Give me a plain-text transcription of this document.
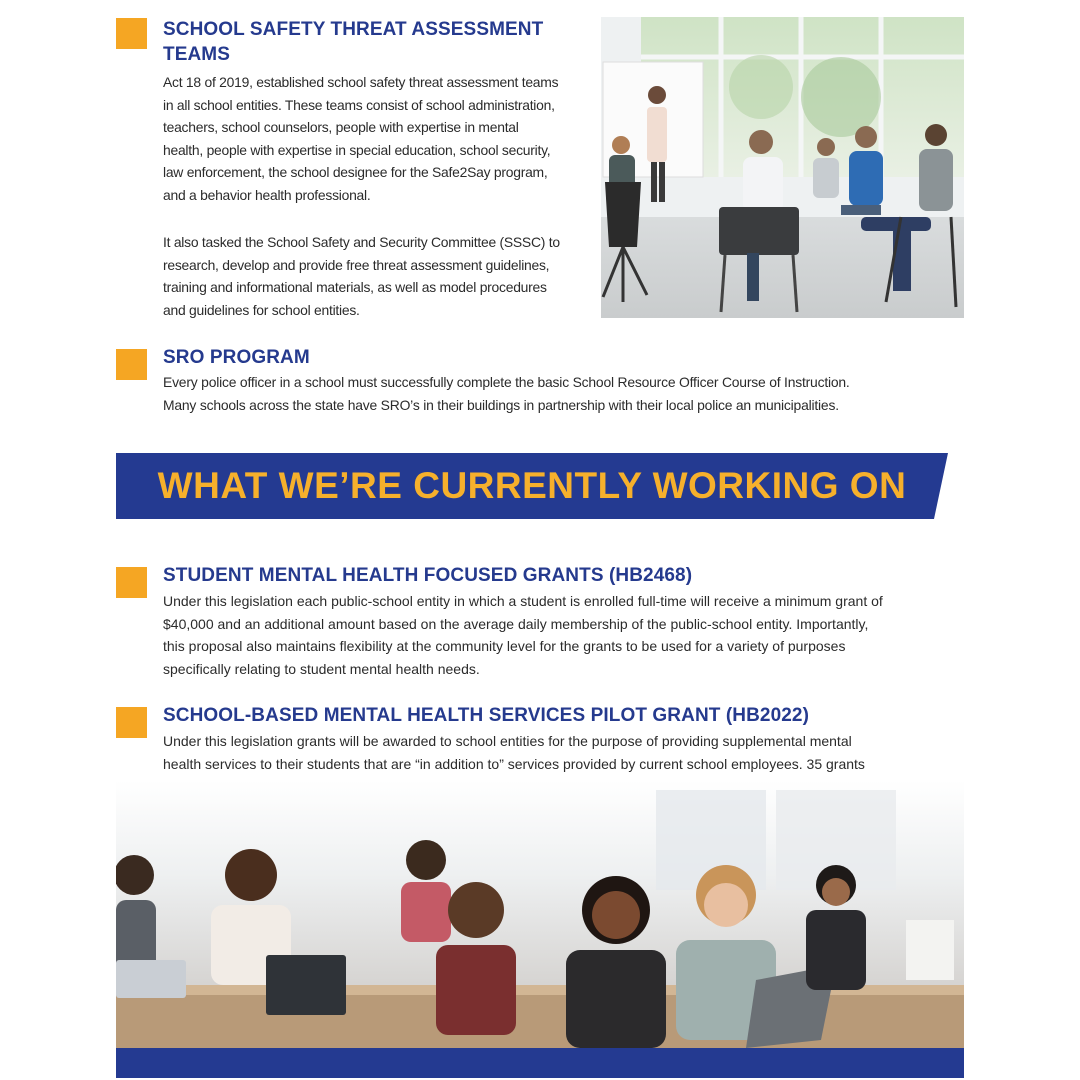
SCHOOL SAFETY THREAT ASSESSMENT
TEAMS

Act 18 of 2019, established school safety threat assessment teams

in all school entities. These teams consist of school administration,

teachers, school counselors, people with expertise in mental

health, people with expertise in special education, school security,

law enforcement, the school designee for the Safe2Say program,

and a behavior health professional.

It also tasked the School Safety and Security Committee (SSSC) to

research, develop and provide free threat assessment guidelines,

training and informational materials, as well as model procedures

and guidelines for school entities.

SRO PROGRAM

Every police officer in a school must successfully complete the basic School Resource Officer Course of Instruction.

Many schools across the state have SRO’s in their buildings in partnership with their local police an municipalities.

WHAT WE’RE CURRENTLY WORKING ON
STUDENT MENTAL HEALTH FOCUSED GRANTS (HB2468)

Under this legislation each public-school entity in which a student is enrolled full-time will receive a minimum grant of

$40,000 and an additional amount based on the average daily membership of the public-school entity. Importantly,

this proposal also maintains flexibility at the community level for the grants to be used for a variety of purposes

specifically relating to student mental health needs.

SCHOOL-BASED MENTAL HEALTH SERVICES PILOT GRANT (HB2022)

Under this legislation grants will be awarded to school entities for the purpose of providing supplemental mental

health services to their students that are “in addition to” services provided by current school employees. 35 grants
